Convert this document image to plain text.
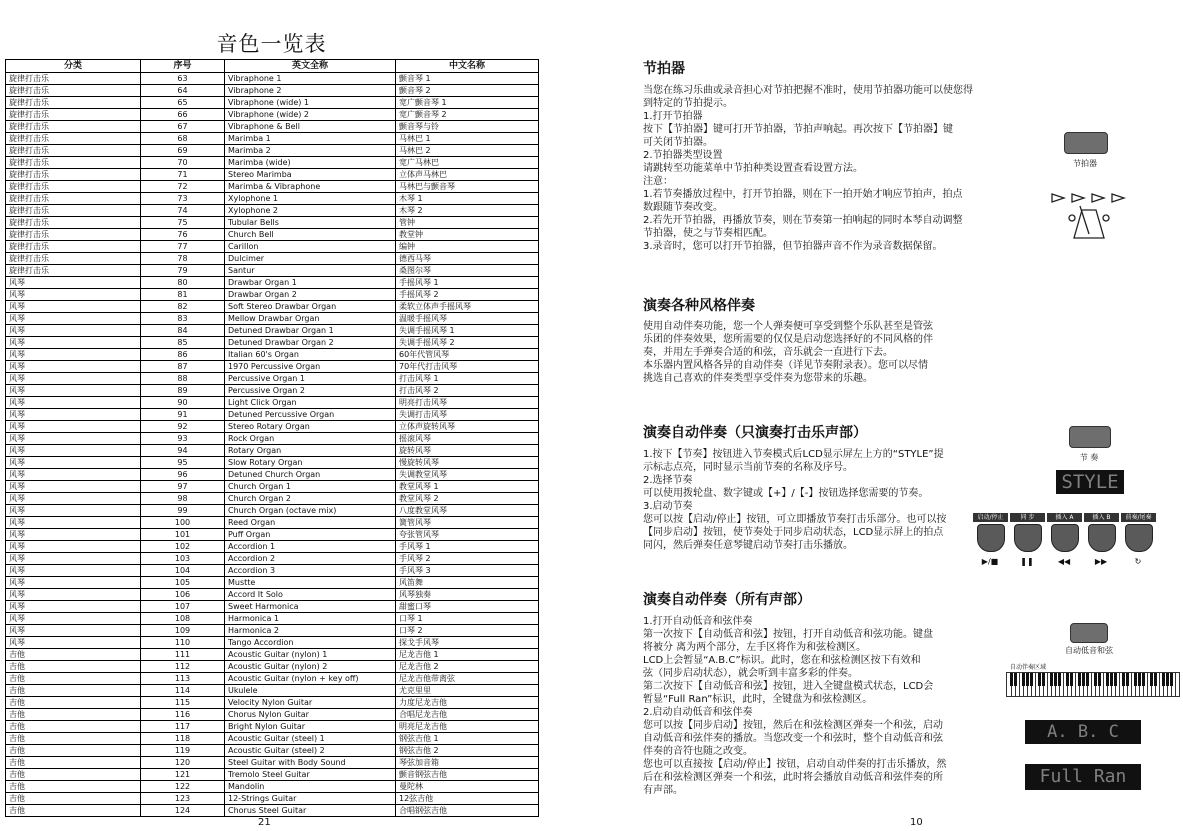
音色一览表
分类	序号	英文全称	中文名称
旋律打击乐	63	Vibraphone 1	颤音琴 1
旋律打击乐	64	Vibraphone 2	颤音琴 2
旋律打击乐	65	Vibraphone (wide) 1	宽广颤音琴 1
旋律打击乐	66	Vibraphone (wide) 2	宽广颤音琴 2
旋律打击乐	67	Vibraphone & Bell	颤音琴与铃
旋律打击乐	68	Marimba 1	马林巴 1
旋律打击乐	69	Marimba 2	马林巴 2
旋律打击乐	70	Marimba (wide)	宽广马林巴
旋律打击乐	71	Stereo Marimba	立体声马林巴
旋律打击乐	72	Marimba & Vibraphone	马林巴与颤音琴
旋律打击乐	73	Xylophone 1	木琴 1
旋律打击乐	74	Xylophone 2	木琴 2
旋律打击乐	75	Tubular Bells	管钟
旋律打击乐	76	Church Bell	教堂钟
旋律打击乐	77	Carillon	编钟
旋律打击乐	78	Dulcimer	德西马琴
旋律打击乐	79	Santur	桑图尔琴
风琴	80	Drawbar Organ 1	手摇风琴 1
风琴	81	Drawbar Organ 2	手摇风琴 2
风琴	82	Soft Stereo Drawbar Organ	柔软立体声手摇风琴
风琴	83	Mellow Drawbar Organ	温暖手摇风琴
风琴	84	Detuned Drawbar Organ 1	失调手摇风琴 1
风琴	85	Detuned Drawbar Organ 2	失调手摇风琴 2
风琴	86	Italian 60's Organ	60年代管风琴
风琴	87	1970 Percussive Organ	70年代打击风琴
风琴	88	Percussive Organ 1	打击风琴 1
风琴	89	Percussive Organ 2	打击风琴 2
风琴	90	Light Click Organ	明亮打击风琴
风琴	91	Detuned Percussive Organ	失调打击风琴
风琴	92	Stereo Rotary Organ	立体声旋转风琴
风琴	93	Rock Organ	摇滚风琴
风琴	94	Rotary Organ	旋转风琴
风琴	95	Slow Rotary Organ	慢旋转风琴
风琴	96	Detuned Church Organ	失调教堂风琴
风琴	97	Church Organ 1	教堂风琴 1
风琴	98	Church Organ 2	教堂风琴 2
风琴	99	Church Organ (octave mix)	八度教堂风琴
风琴	100	Reed Organ	簧管风琴
风琴	101	Puff Organ	夸张管风琴
风琴	102	Accordion 1	手风琴 1
风琴	103	Accordion 2	手风琴 2
风琴	104	Accordion 3	手风琴 3
风琴	105	Mustte	风笛舞
风琴	106	Accord It Solo	风琴独奏
风琴	107	Sweet Harmonica	甜蜜口琴
风琴	108	Harmonica 1	口琴 1
风琴	109	Harmonica 2	口琴 2
风琴	110	Tango Accordion	探戈手风琴
吉他	111	Acoustic Guitar (nylon) 1	尼龙吉他 1
吉他	112	Acoustic Guitar (nylon) 2	尼龙吉他 2
吉他	113	Acoustic Guitar (nylon + key off)	尼龙吉他带离弦
吉他	114	Ukulele	尤克里里
吉他	115	Velocity Nylon Guitar	力度尼龙吉他
吉他	116	Chorus Nylon Guitar	合唱尼龙吉他
吉他	117	Bright Nylon Guitar	明亮尼龙吉他
吉他	118	Acoustic Guitar (steel) 1	钢弦吉他 1
吉他	119	Acoustic Guitar (steel) 2	钢弦吉他 2
吉他	120	Steel Guitar with Body Sound	琴弦加音箱
吉他	121	Tremolo Steel Guitar	颤音钢弦吉他
吉他	122	Mandolin	曼陀林
吉他	123	12-Strings Guitar	12弦吉他
吉他	124	Chorus Steel Guitar	合唱钢弦吉他
21
节拍器

当您在练习乐曲或录音担心对节拍把握不准时，使用节拍器功能可以使您得

到特定的节拍提示。

1.打开节拍器

按下【节拍器】键可打开节拍器，节拍声响起。再次按下【节拍器】键

可关闭节拍器。

2.节拍器类型设置

请跳转至功能菜单中节拍种类设置查看设置方法。

注意：

1.若节奏播放过程中，打开节拍器，则在下一拍开始才响应节拍声，拍点

数跟随节奏改变。

2.若先开节拍器，再播放节奏，则在节奏第一拍响起的同时本琴自动调整

节拍器，使之与节奏相匹配。

3.录音时，您可以打开节拍器，但节拍器声音不作为录音数据保留。

节拍器
演奏各种风格伴奏

使用自动伴奏功能，您一个人弹奏便可享受到整个乐队甚至是管弦

乐团的伴奏效果，您所需要的仅仅是启动您选择好的不同风格的伴

奏，并用左手弹奏合适的和弦，音乐就会一直进行下去。

本乐器内置风格各异的自动伴奏（详见节奏附录表）。您可以尽情

挑选自己喜欢的伴奏类型享受伴奏为您带来的乐趣。

演奏自动伴奏（只演奏打击乐声部）

1.按下【节奏】按钮进入节奏模式后LCD显示屏左上方的“STYLE”提

示标志点亮，同时显示当前节奏的名称及序号。

2.选择节奏

可以使用拨轮盘、数字键或【+】/【-】按钮选择您需要的节奏。

3.启动节奏

您可以按【启动/停止】按钮，可立即播放节奏打击乐部分。也可以按

【同步启动】按钮，使节奏处于同步启动状态，LCD显示屏上的拍点

同闪，然后弹奏任意琴键启动节奏打击乐播放。

节 奏
STYLE
启动/停止
▶/■
同 步
❚❚
插入 A
◀◀
插入 B
▶▶
前奏/尾奏
↻
演奏自动伴奏（所有声部）

1.打开自动低音和弦伴奏

第一次按下【自动低音和弦】按钮，打开自动低音和弦功能。键盘

将被分 离为两个部分，左手区将作为和弦检测区。

LCD上会暂显“A.B.C”标识。此时，您在和弦检测区按下有效和

弦（同步启动状态），就会听到丰富多彩的伴奏。

第二次按下【自动低音和弦】按钮，进入全键盘模式状态，LCD会

暂显“Full Ran”标识，此时，全键盘为和弦检测区。

2.启动自动低音和弦伴奏

您可以按【同步启动】按钮，然后在和弦检测区弹奏一个和弦，启动

自动低音和弦伴奏的播放。当您改变一个和弦时，整个自动低音和弦

伴奏的音符也随之改变。

您也可以直接按【启动/停止】按钮，启动自动伴奏的打击乐播放，然

后在和弦检测区弹奏一个和弦，此时将会播放自动低音和弦伴奏的所

有声部。

自动低音和弦
自动伴奏区域
A. B. C
Full Ran
10
